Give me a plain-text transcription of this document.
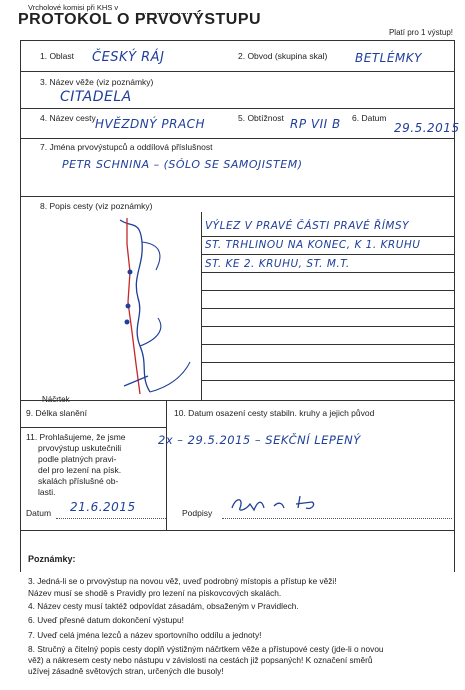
Vrcholové komisi při KHS v
PROTOKOL O PRVOVÝSTUPU
Platí pro 1 výstup!
1. Oblast ČESKÝ RÁJ	2. Obvod (skupina skal) BETLÉMKY
3. Název věže (viz poznámky)
CITADELA
4. Název cesty HVĚZDNÝ PRACH	5. Obtížnost RP VII B 6. Datum
29.5.2015
7. Jména prvovýstupců a oddílová příslušnost
PETR SCHNINA – (SÓLO SE SAMOJISTEM)
8. Popis cesty (viz poznámky)
Náčrtek
VÝLEZ V PRAVÉ ČÁSTI PRAVÉ ŘÍMSY
ST. TRHLINOU NA KONEC, K 1. KRUHU
ST. KE 2. KRUHU, ST. M.T.
9. Délka slanění	10. Datum osazení cesty stabiln. kruhy a jejich původ
2x – 29.5.2015 – SEKČNÍ LEPENÝ
11. Prohlašujeme, že jsme
prvovýstup uskutečnili
podle platných pravi-
del pro lezení na písk.
skalách příslušné ob-
lasti.
Datum 21.6.2015	Podpisy
Poznámky:
3. Jedná-li se o prvovýstup na novou věž, uveď podrobný místopis a přístup ke věži!
Název musí se shodě s Pravidly pro lezení na pískovcových skalách.
4. Název cesty musí taktéž odpovídat zásadám, obsaženým v Pravidlech.
6. Uveď přesné datum dokončení výstupu!
7. Uveď celá jména lezců a název sportovního oddílu a jednoty!
8. Stručný a čitelný popis cesty doplň výstižným náčrtkem věže a přístupové cesty (jde-li o novou
věž) a nákresem cesty nebo nástupu v závislosti na cestách již popsaných! K označení směrů
užívej zásadně světových stran, určených dle busoly!
